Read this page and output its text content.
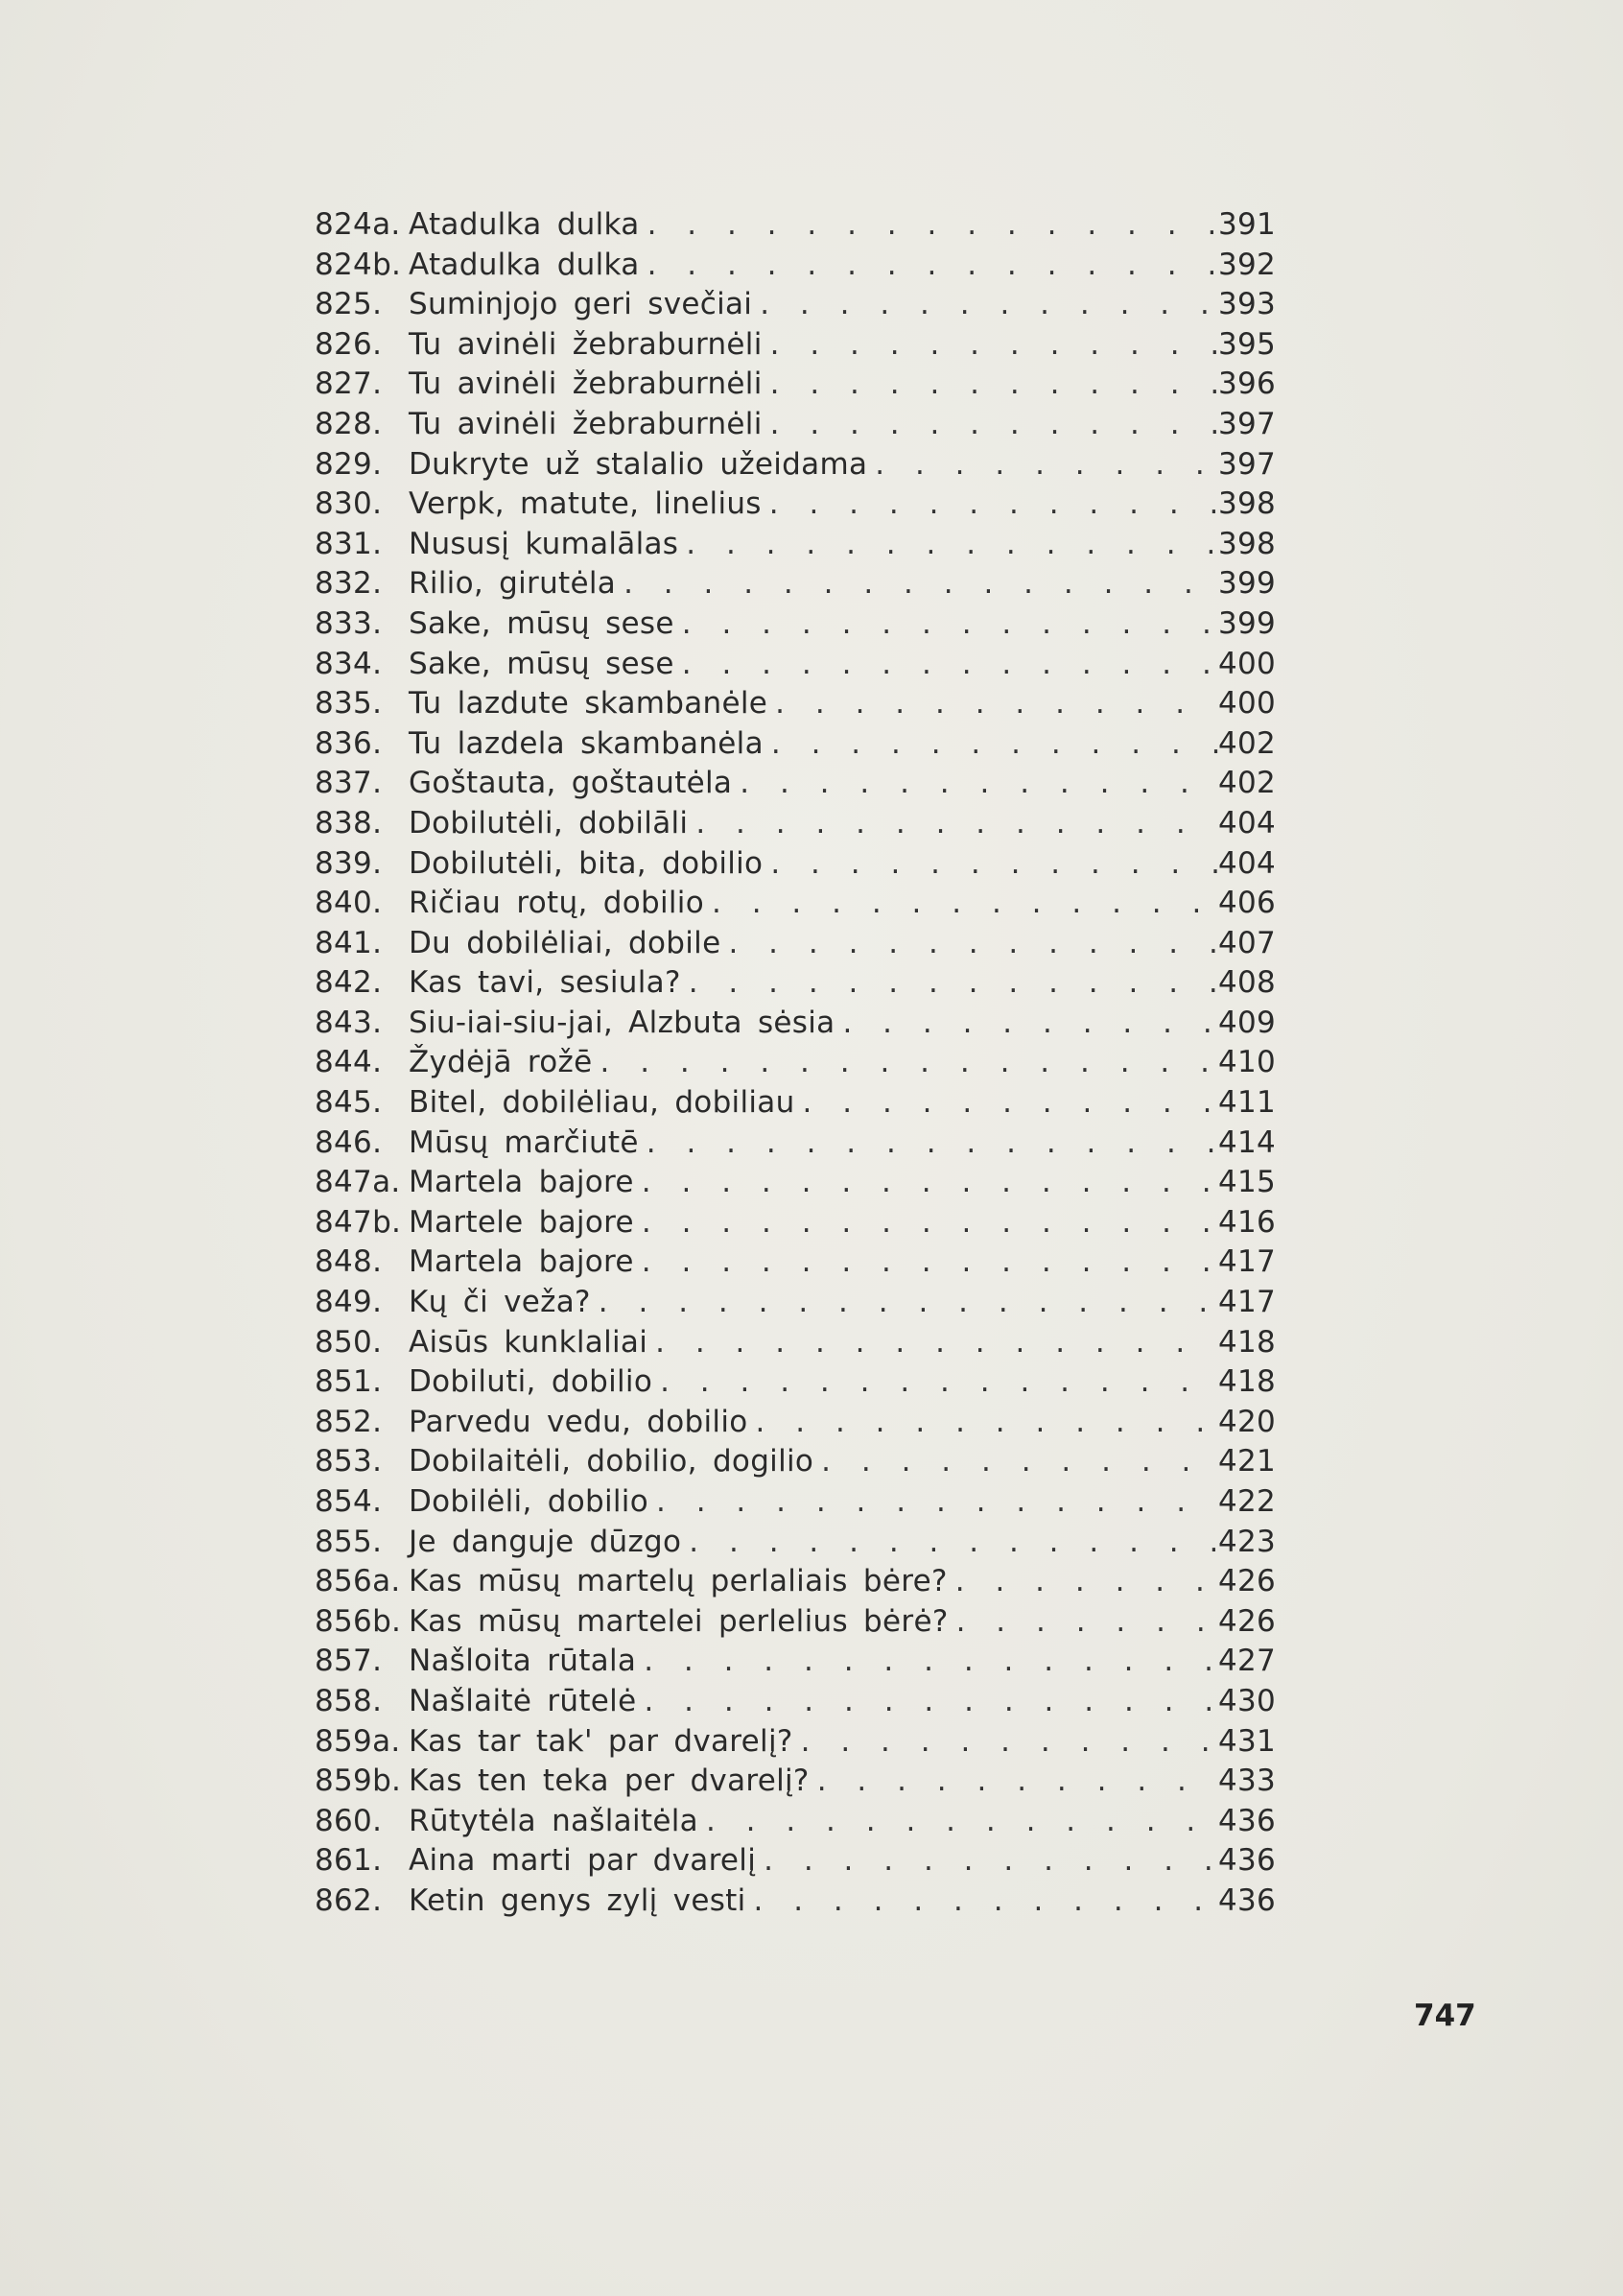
824a. Atadulka dulka . . .	391
824b. Atadulka dulka . . .	392
825. Suminjojo geri svečiai . . .	393
826. Tu avinėli žebraburnėli . . .	395
827. Tu avinėli žebraburnėli . . .	396
828. Tu avinėli žebraburnėli . . .	397
829. Dukryte už stalalio užeidama . . .	397
830. Verpk, matute, linelius . . .	398
831. Nususį kumalālas . . .	398
832. Rilio, girutėla . . .	399
833. Sake, mūsų sese . . .	399
834. Sake, mūsų sese . . .	400
835. Tu lazdute skambanėle . . .	400
836. Tu lazdela skambanėla . . .	402
837. Goštauta, goštautėla . . .	402
838. Dobilutėli, dobilāli . . .	404
839. Dobilutėli, bita, dobilio . . .	404
840. Ričiau rotų, dobilio . . .	406
841. Du dobilėliai, dobile . . .	407
842. Kas tavi, sesiula? . . .	408
843. Siu-iai-siu-jai, Alzbuta sėsia . . .	409
844. Žydėjā rožē . . .	410
845. Bitel, dobilėliau, dobiliau . . .	411
846. Mūsų marčiutē . . .	414
847a. Martela bajore . . .	415
847b. Martele bajore . . .	416
848. Martela bajore . . .	417
849. Kų či veža? . . .	417
850. Aisūs kunklaliai . . .	418
851. Dobiluti, dobilio . . .	418
852. Parvedu vedu, dobilio . . .	420
853. Dobilaitėli, dobilio, dogilio . . .	421
854. Dobilėli, dobilio . . .	422
855. Je danguje dūzgo . . .	423
856a. Kas mūsų martelų perlaliais bėre? . . .	426
856b. Kas mūsų martelei perlelius bėrė? . . .	426
857. Našloita rūtala . . .	427
858. Našlaitė rūtelė . . .	430
859a. Kas tar tak' par dvarelį? . . .	431
859b. Kas ten teka per dvarelį? . . .	433
860. Rūtytėla našlaitėla . . .	436
861. Aina marti par dvarelį . . .	436
862. Ketin genys zylį vesti . . .	436
747
